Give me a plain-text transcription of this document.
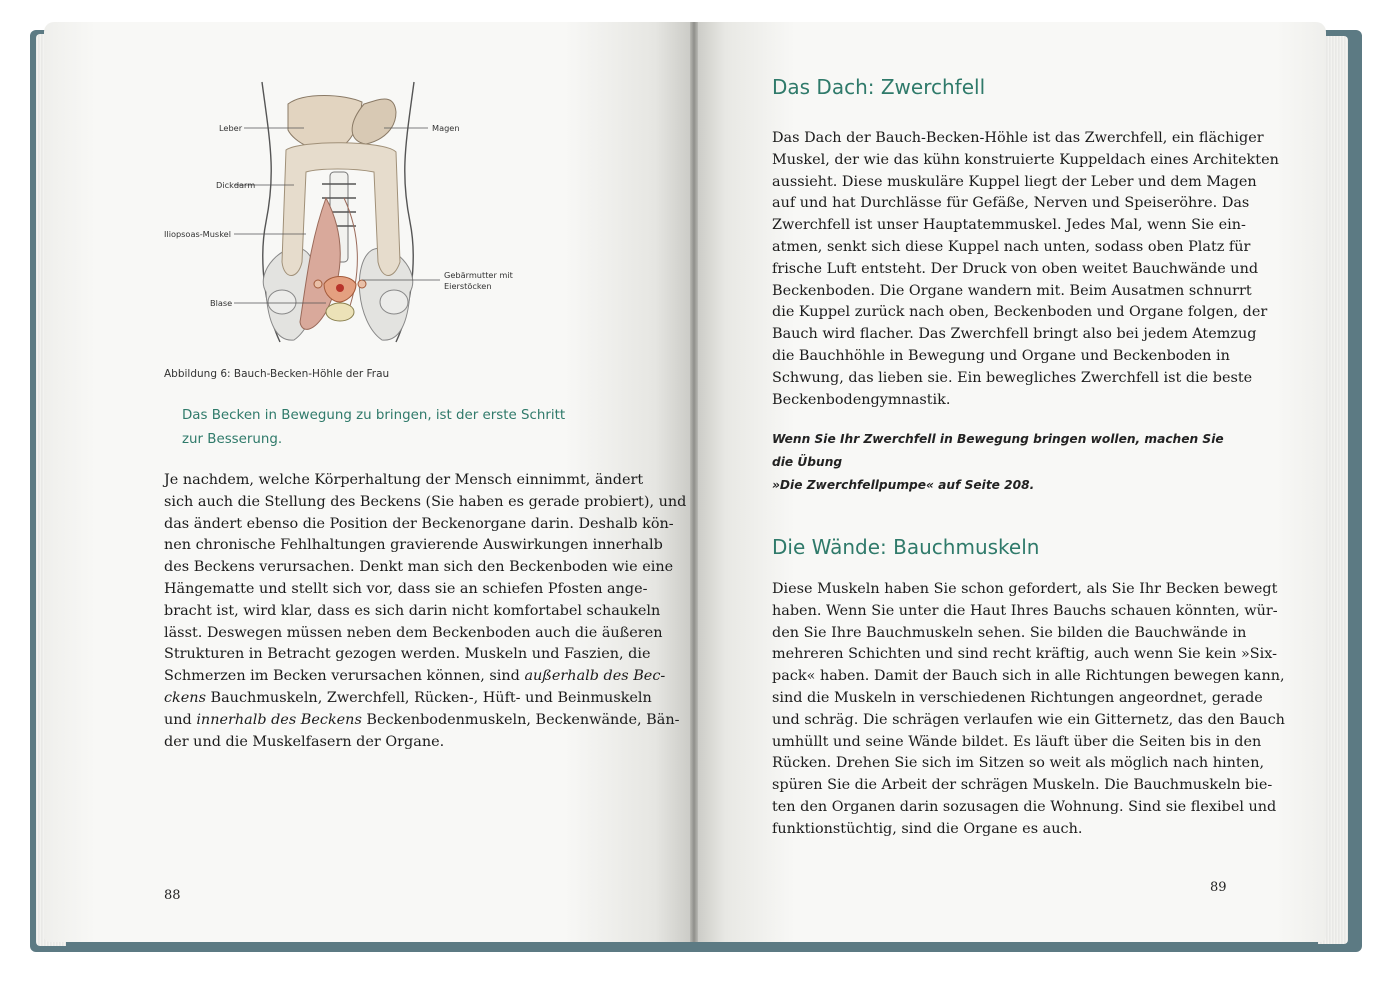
Leber	Magen
Dickdarm
Iliopsoas-Muskel
Gebärmutter mit
Eierstöcken
Blase

Abbildung 6: Bauch-Becken-Höhle der Frau

Das Becken in Bewegung zu bringen, ist der erste Schritt
zur Besserung.
Je nachdem, welche Körperhaltung der Mensch einnimmt, ändert
sich auch die Stellung des Beckens (Sie haben es gerade probiert), und
das ändert ebenso die Position der Beckenorgane darin. Deshalb kön-
nen chronische Fehlhaltungen gravierende Auswirkungen innerhalb
des Beckens verursachen. Denkt man sich den Beckenboden wie eine
Hängematte und stellt sich vor, dass sie an schiefen Pfosten ange-
bracht ist, wird klar, dass es sich darin nicht komfortabel schaukeln
lässt. Deswegen müssen neben dem Beckenboden auch die äußeren
Strukturen in Betracht gezogen werden. Muskeln und Faszien, die
Schmerzen im Becken verursachen können, sind außerhalb des Bec-
ckens Bauchmuskeln, Zwerchfell, Rücken-, Hüft- und Beinmuskeln
und innerhalb des Beckens Beckenbodenmuskeln, Beckenwände, Bän-
der und die Muskelfasern der Organe.

88

Das Dach: Zwerchfell
Das Dach der Bauch-Becken-Höhle ist das Zwerchfell, ein flächiger
Muskel, der wie das kühn konstruierte Kuppeldach eines Architekten
aussieht. Diese muskuläre Kuppel liegt der Leber und dem Magen
auf und hat Durchlässe für Gefäße, Nerven und Speiseröhre. Das
Zwerchfell ist unser Hauptatemmuskel. Jedes Mal, wenn Sie ein-
atmen, senkt sich diese Kuppel nach unten, sodass oben Platz für
frische Luft entsteht. Der Druck von oben weitet Bauchwände und
Beckenboden. Die Organe wandern mit. Beim Ausatmen schnurrt
die Kuppel zurück nach oben, Beckenboden und Organe folgen, der
Bauch wird flacher. Das Zwerchfell bringt also bei jedem Atemzug
die Bauchhöhle in Bewegung und Organe und Beckenboden in
Schwung, das lieben sie. Ein bewegliches Zwerchfell ist die beste
Beckenbodengymnastik.
Wenn Sie Ihr Zwerchfell in Bewegung bringen wollen, machen Sie die Übung
»Die Zwerchfellpumpe« auf Seite 208.
Die Wände: Bauchmuskeln
Diese Muskeln haben Sie schon gefordert, als Sie Ihr Becken bewegt
haben. Wenn Sie unter die Haut Ihres Bauchs schauen könnten, wür-
den Sie Ihre Bauchmuskeln sehen. Sie bilden die Bauchwände in
mehreren Schichten und sind recht kräftig, auch wenn Sie kein »Six-
pack« haben. Damit der Bauch sich in alle Richtungen bewegen kann,
sind die Muskeln in verschiedenen Richtungen angeordnet, gerade
und schräg. Die schrägen verlaufen wie ein Gitternetz, das den Bauch
umhüllt und seine Wände bildet. Es läuft über die Seiten bis in den
Rücken. Drehen Sie sich im Sitzen so weit als möglich nach hinten,
spüren Sie die Arbeit der schrägen Muskeln. Die Bauchmuskeln bie-
ten den Organen darin sozusagen die Wohnung. Sind sie flexibel und
funktionstüchtig, sind die Organe es auch.

89
